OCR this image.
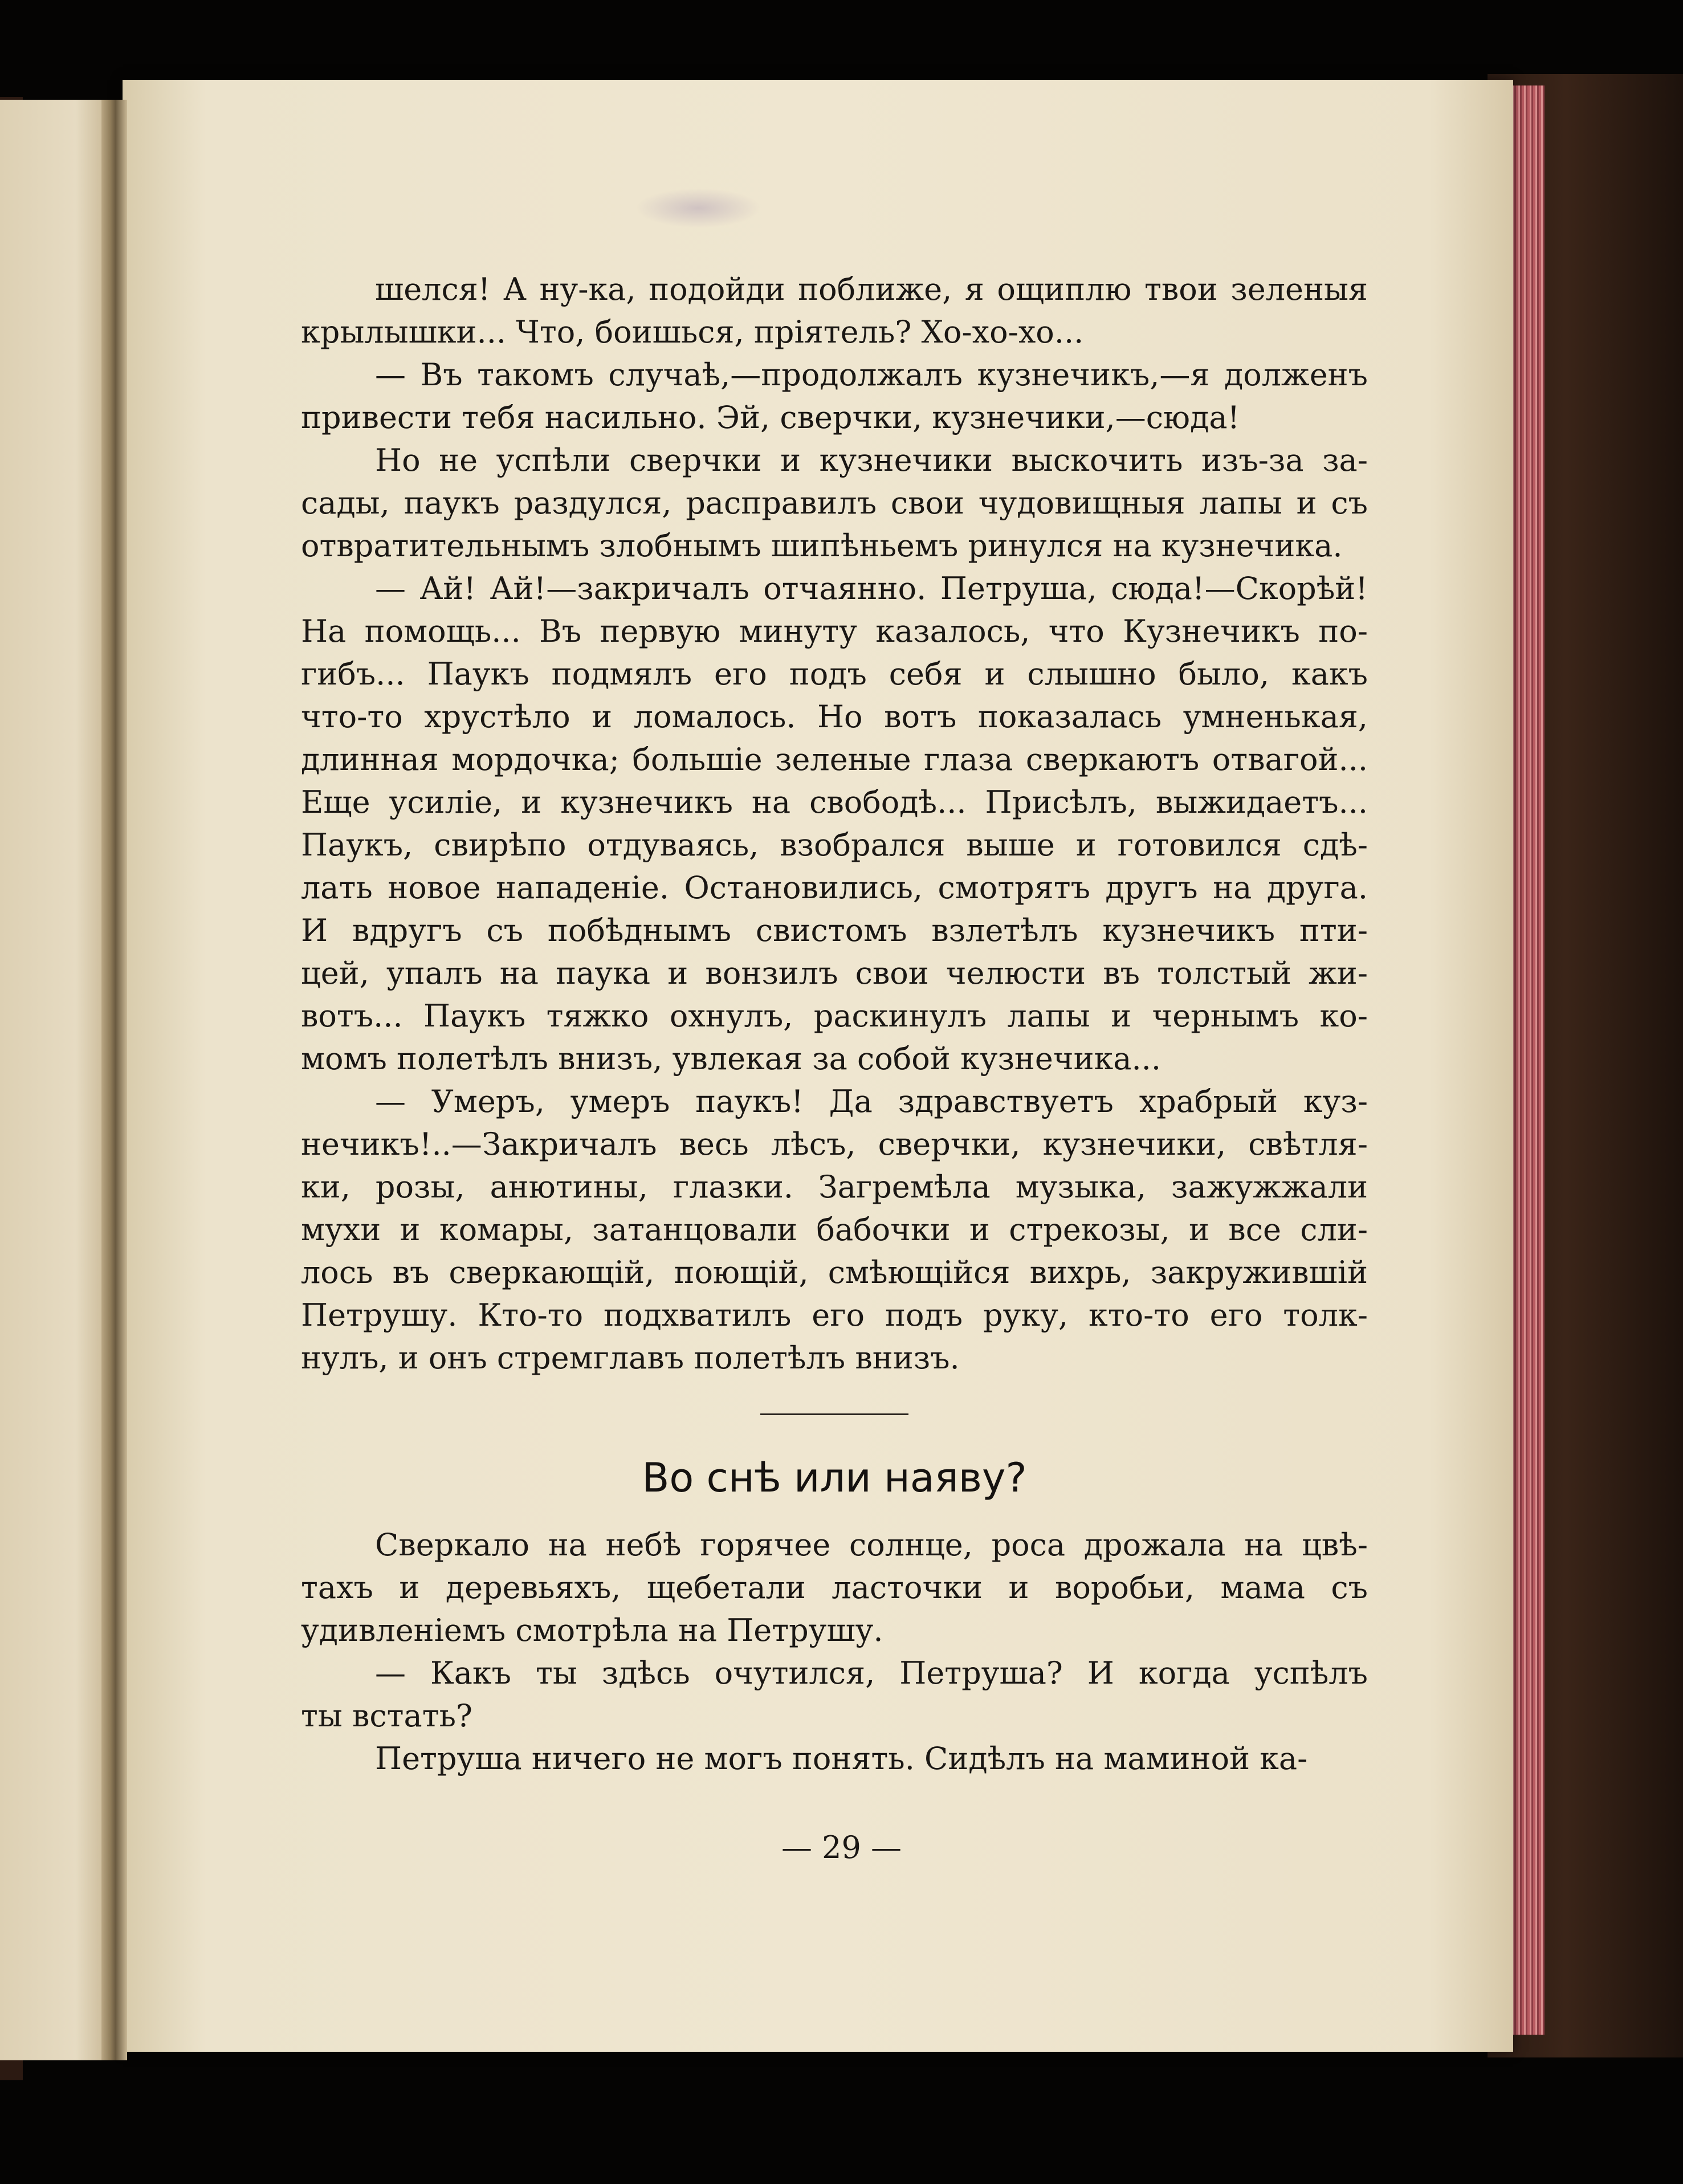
шелся! А ну-ка, подойди поближе, я ощиплю твои зеленыя
крылышки... Что, боишься, прiятель? Хо-хо-хо...
— Въ такомъ случаѣ,—продолжалъ кузнечикъ,—я долженъ
привести тебя насильно. Эй, сверчки, кузнечики,—сюда!
Но не успѣли сверчки и кузнечики выскочить изъ-за за-
сады, паукъ раздулся, расправилъ свои чудовищныя лапы и съ
отвратительнымъ злобнымъ шипѣньемъ ринулся на кузнечика.
— Ай! Ай!—закричалъ отчаянно. Петруша, сюда!—Скорѣй!
На помощь... Въ первую минуту казалось, что Кузнечикъ по-
гибъ... Паукъ подмялъ его подъ себя и слышно было, какъ
что-то хрустѣло и ломалось. Но вотъ показалась умненькая,
длинная мордочка; большiе зеленые глаза сверкаютъ отвагой...
Еще усилiе, и кузнечикъ на свободѣ... Присѣлъ, выжидаетъ...
Паукъ, свирѣпо отдуваясь, взобрался выше и готовился сдѣ-
лать новое нападенiе. Остановились, смотрятъ другъ на друга.
И вдругъ съ побѣднымъ свистомъ взлетѣлъ кузнечикъ пти-
цей, упалъ на паука и вонзилъ свои челюсти въ толстый жи-
вотъ... Паукъ тяжко охнулъ, раскинулъ лапы и чернымъ ко-
момъ полетѣлъ внизъ, увлекая за собой кузнечика...
— Умеръ, умеръ паукъ! Да здравствуетъ храбрый куз-
нечикъ!..—Закричалъ весь лѣсъ, сверчки, кузнечики, свѣтля-
ки, розы, анютины, глазки. Загремѣла музыка, зажужжали
мухи и комары, затанцовали бабочки и стрекозы, и все сли-
лось въ сверкающiй, поющiй, смѣющiйся вихрь, закружившiй
Петрушу. Кто-то подхватилъ его подъ руку, кто-то его толк-
нулъ, и онъ стремглавъ полетѣлъ внизъ.
Во снѣ или наяву?
Сверкало на небѣ горячее солнце, роса дрожала на цвѣ-
тахъ и деревьяхъ, щебетали ласточки и воробьи, мама съ
удивленiемъ смотрѣла на Петрушу.
— Какъ ты здѣсь очутился, Петруша? И когда успѣлъ
ты встать?
Петруша ничего не могъ понять. Сидѣлъ на маминой ка-
— 29 —
